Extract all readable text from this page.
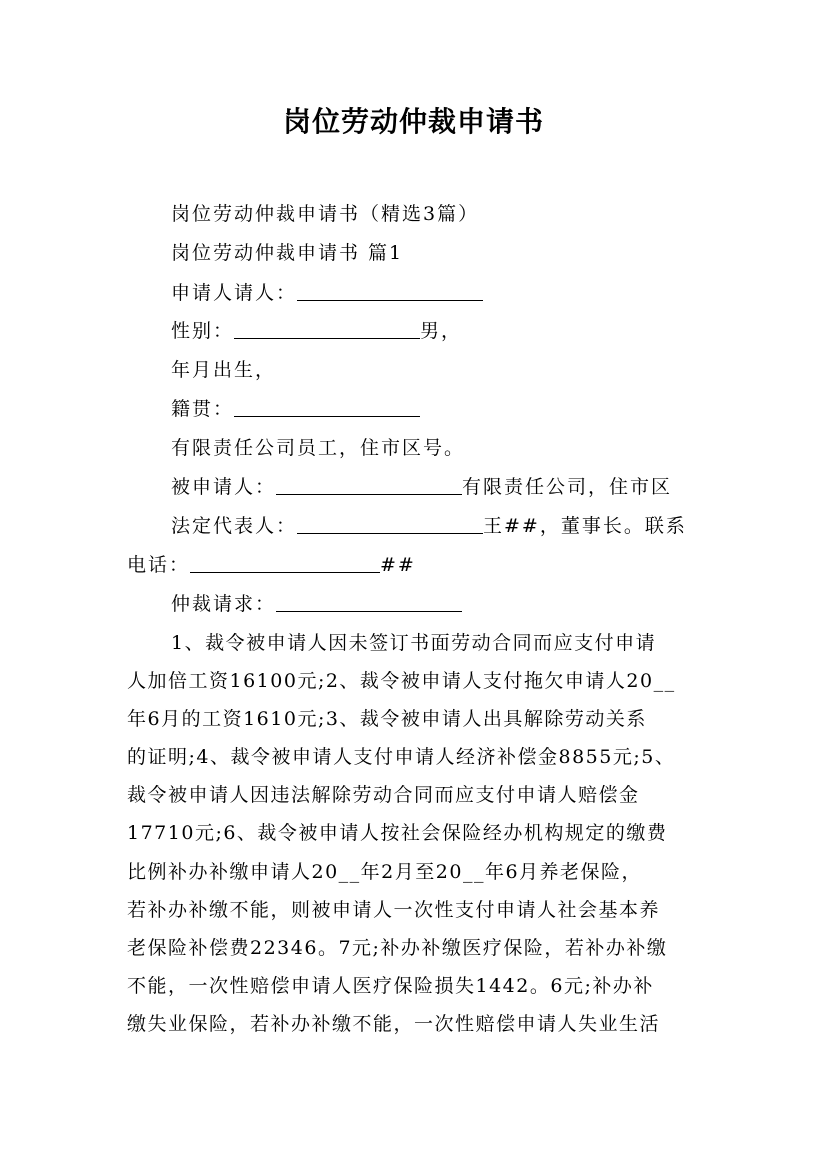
岗位劳动仲裁申请书
岗位劳动仲裁申请书（精选3篇）
岗位劳动仲裁申请书 篇1
申请人请人：
性别：	男，
年月出生，
籍贯：
有限责任公司员工，住市区号。
被申请人：	有限责任公司，住市区
法定代表人：	王##，董事长。联系
电话：	##
仲裁请求：
1、裁令被申请人因未签订书面劳动合同而应支付申请
人加倍工资16100元;2、裁令被申请人支付拖欠申请人20__
年6月的工资1610元;3、裁令被申请人出具解除劳动关系
的证明;4、裁令被申请人支付申请人经济补偿金8855元;5、
裁令被申请人因违法解除劳动合同而应支付申请人赔偿金
17710元;6、裁令被申请人按社会保险经办机构规定的缴费
比例补办补缴申请人20__年2月至20__年6月养老保险，
若补办补缴不能，则被申请人一次性支付申请人社会基本养
老保险补偿费22346。7元;补办补缴医疗保险，若补办补缴
不能，一次性赔偿申请人医疗保险损失1442。6元;补办补
缴失业保险，若补办补缴不能，一次性赔偿申请人失业生活
